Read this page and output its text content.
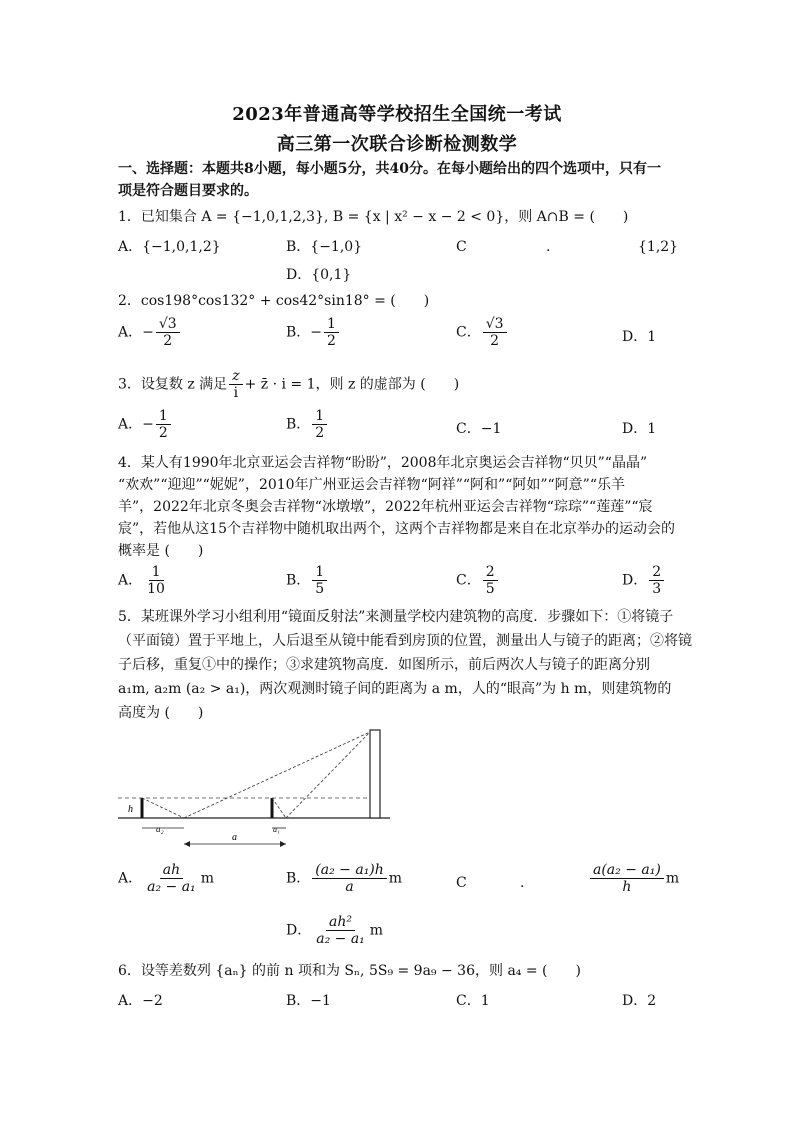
2023年普通高等学校招生全国统一考试
高三第一次联合诊断检测数学
一、选择题：本题共8小题，每小题5分，共40分。在每小题给出的四个选项中，只有一
项是符合题目要求的。
1．已知集合 A = {−1,0,1,2,3}, B = {x | x² − x − 2 < 0}，则 A∩B = (　　)
A．{−1,0,1,2}	B．{−1,0}	C	.	{1,2}
D．{0,1}
2．cos198°cos132° + cos42°sin18° = (　　)
A．− $\frac{√3}{2}$	B．− $\frac{1}{2}$	C． $\frac{√3}{2}$	D．1
3．设复数 z 满足 $\frac{z}{i}$ + z̄ · i = 1，则 z 的虚部为 (　　)
A．− $\frac{1}{2}$	B． $\frac{1}{2}$	C．−1	D．1
4．某人有1990年北京亚运会吉祥物“盼盼”，2008年北京奥运会吉祥物“贝贝”“晶晶”
“欢欢”“迎迎”“妮妮”，2010年广州亚运会吉祥物“阿祥”“阿和”“阿如”“阿意”“乐羊
羊”，2022年北京冬奥会吉祥物“冰墩墩”，2022年杭州亚运会吉祥物“琮琮”“莲莲”“宸
宸”，若他从这15个吉祥物中随机取出两个，这两个吉祥物都是来自在北京举办的运动会的
概率是 (　　)
A． $\frac{1}{10}$	B． $\frac{1}{5}$	C． $\frac{2}{5}$	D． $\frac{2}{3}$
5．某班课外学习小组利用“镜面反射法”来测量学校内建筑物的高度．步骤如下：①将镜子
（平面镜）置于平地上，人后退至从镜中能看到房顶的位置，测量出人与镜子的距离；②将镜
子后移，重复①中的操作；③求建筑物高度．如图所示，前后两次人与镜子的距离分别
a₁m, a₂m (a₂ > a₁)，两次观测时镜子间的距离为 a m，人的“眼高”为 h m，则建筑物的
高度为 (　　)
h
a₂
a
a₁
A． $\frac{ah}{\text{a₂ − a₁}}$ m	B． $\frac{\text{(a₂ − a₁)h}}{a}$ m	C	.	$\frac{\text{a(a₂ − a₁)}}{h}$ m
D． $\frac{\text{ah²}}{\text{a₂ − a₁}}$ m
6．设等差数列 {aₙ} 的前 n 项和为 Sₙ, 5S₉ = 9a₉ − 36，则 a₄ = (　　)
A．−2	B．−1	C．1	D．2
